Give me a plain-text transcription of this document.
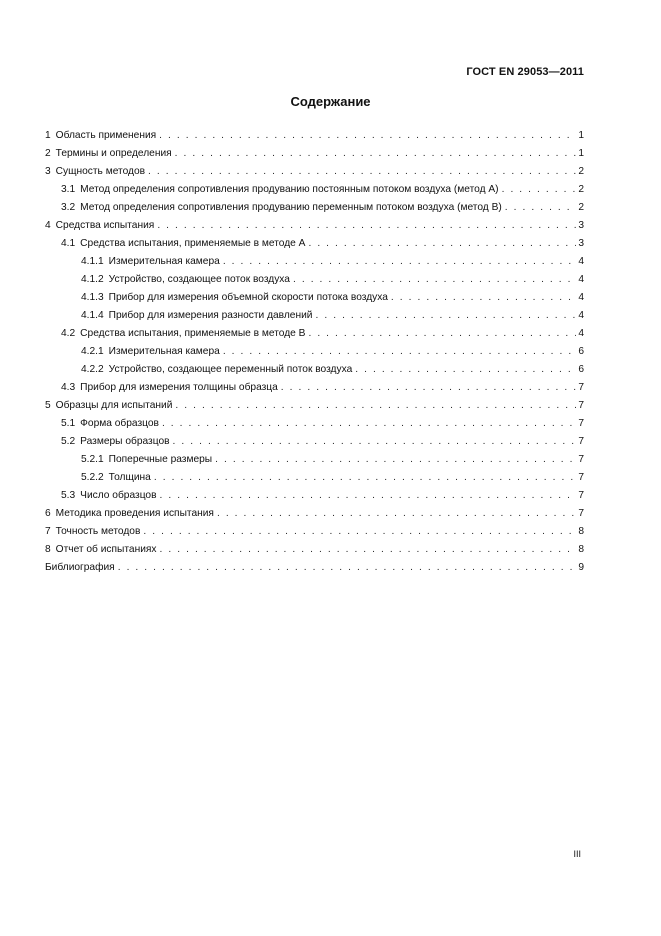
ГОСТ EN 29053—2011
Содержание
1 Область применения . . .	1
2 Термины и определения . . .	1
3 Сущность методов . . .	2
3.1 Метод определения сопротивления продуванию постоянным потоком воздуха (метод А) . . .	2
3.2 Метод определения сопротивления продуванию переменным потоком воздуха (метод В) . . .	2
4 Средства испытания . . .	3
4.1 Средства испытания, применяемые в методе А . . .	3
4.1.1 Измерительная камера . . .	4
4.1.2 Устройство, создающее поток воздуха . . .	4
4.1.3 Прибор для измерения объемной скорости потока воздуха . . .	4
4.1.4 Прибор для измерения разности давлений . . .	4
4.2 Средства испытания, применяемые в методе В . . .	4
4.2.1 Измерительная камера . . .	6
4.2.2 Устройство, создающее переменный поток воздуха . . .	6
4.3 Прибор для измерения толщины образца . . .	7
5 Образцы для испытаний . . .	7
5.1 Форма образцов . . .	7
5.2 Размеры образцов . . .	7
5.2.1 Поперечные размеры . . .	7
5.2.2 Толщина . . .	7
5.3 Число образцов . . .	7
6 Методика проведения испытания . . .	7
7 Точность методов . . .	8
8 Отчет об испытаниях . . .	8
Библиография . . .	9
III
